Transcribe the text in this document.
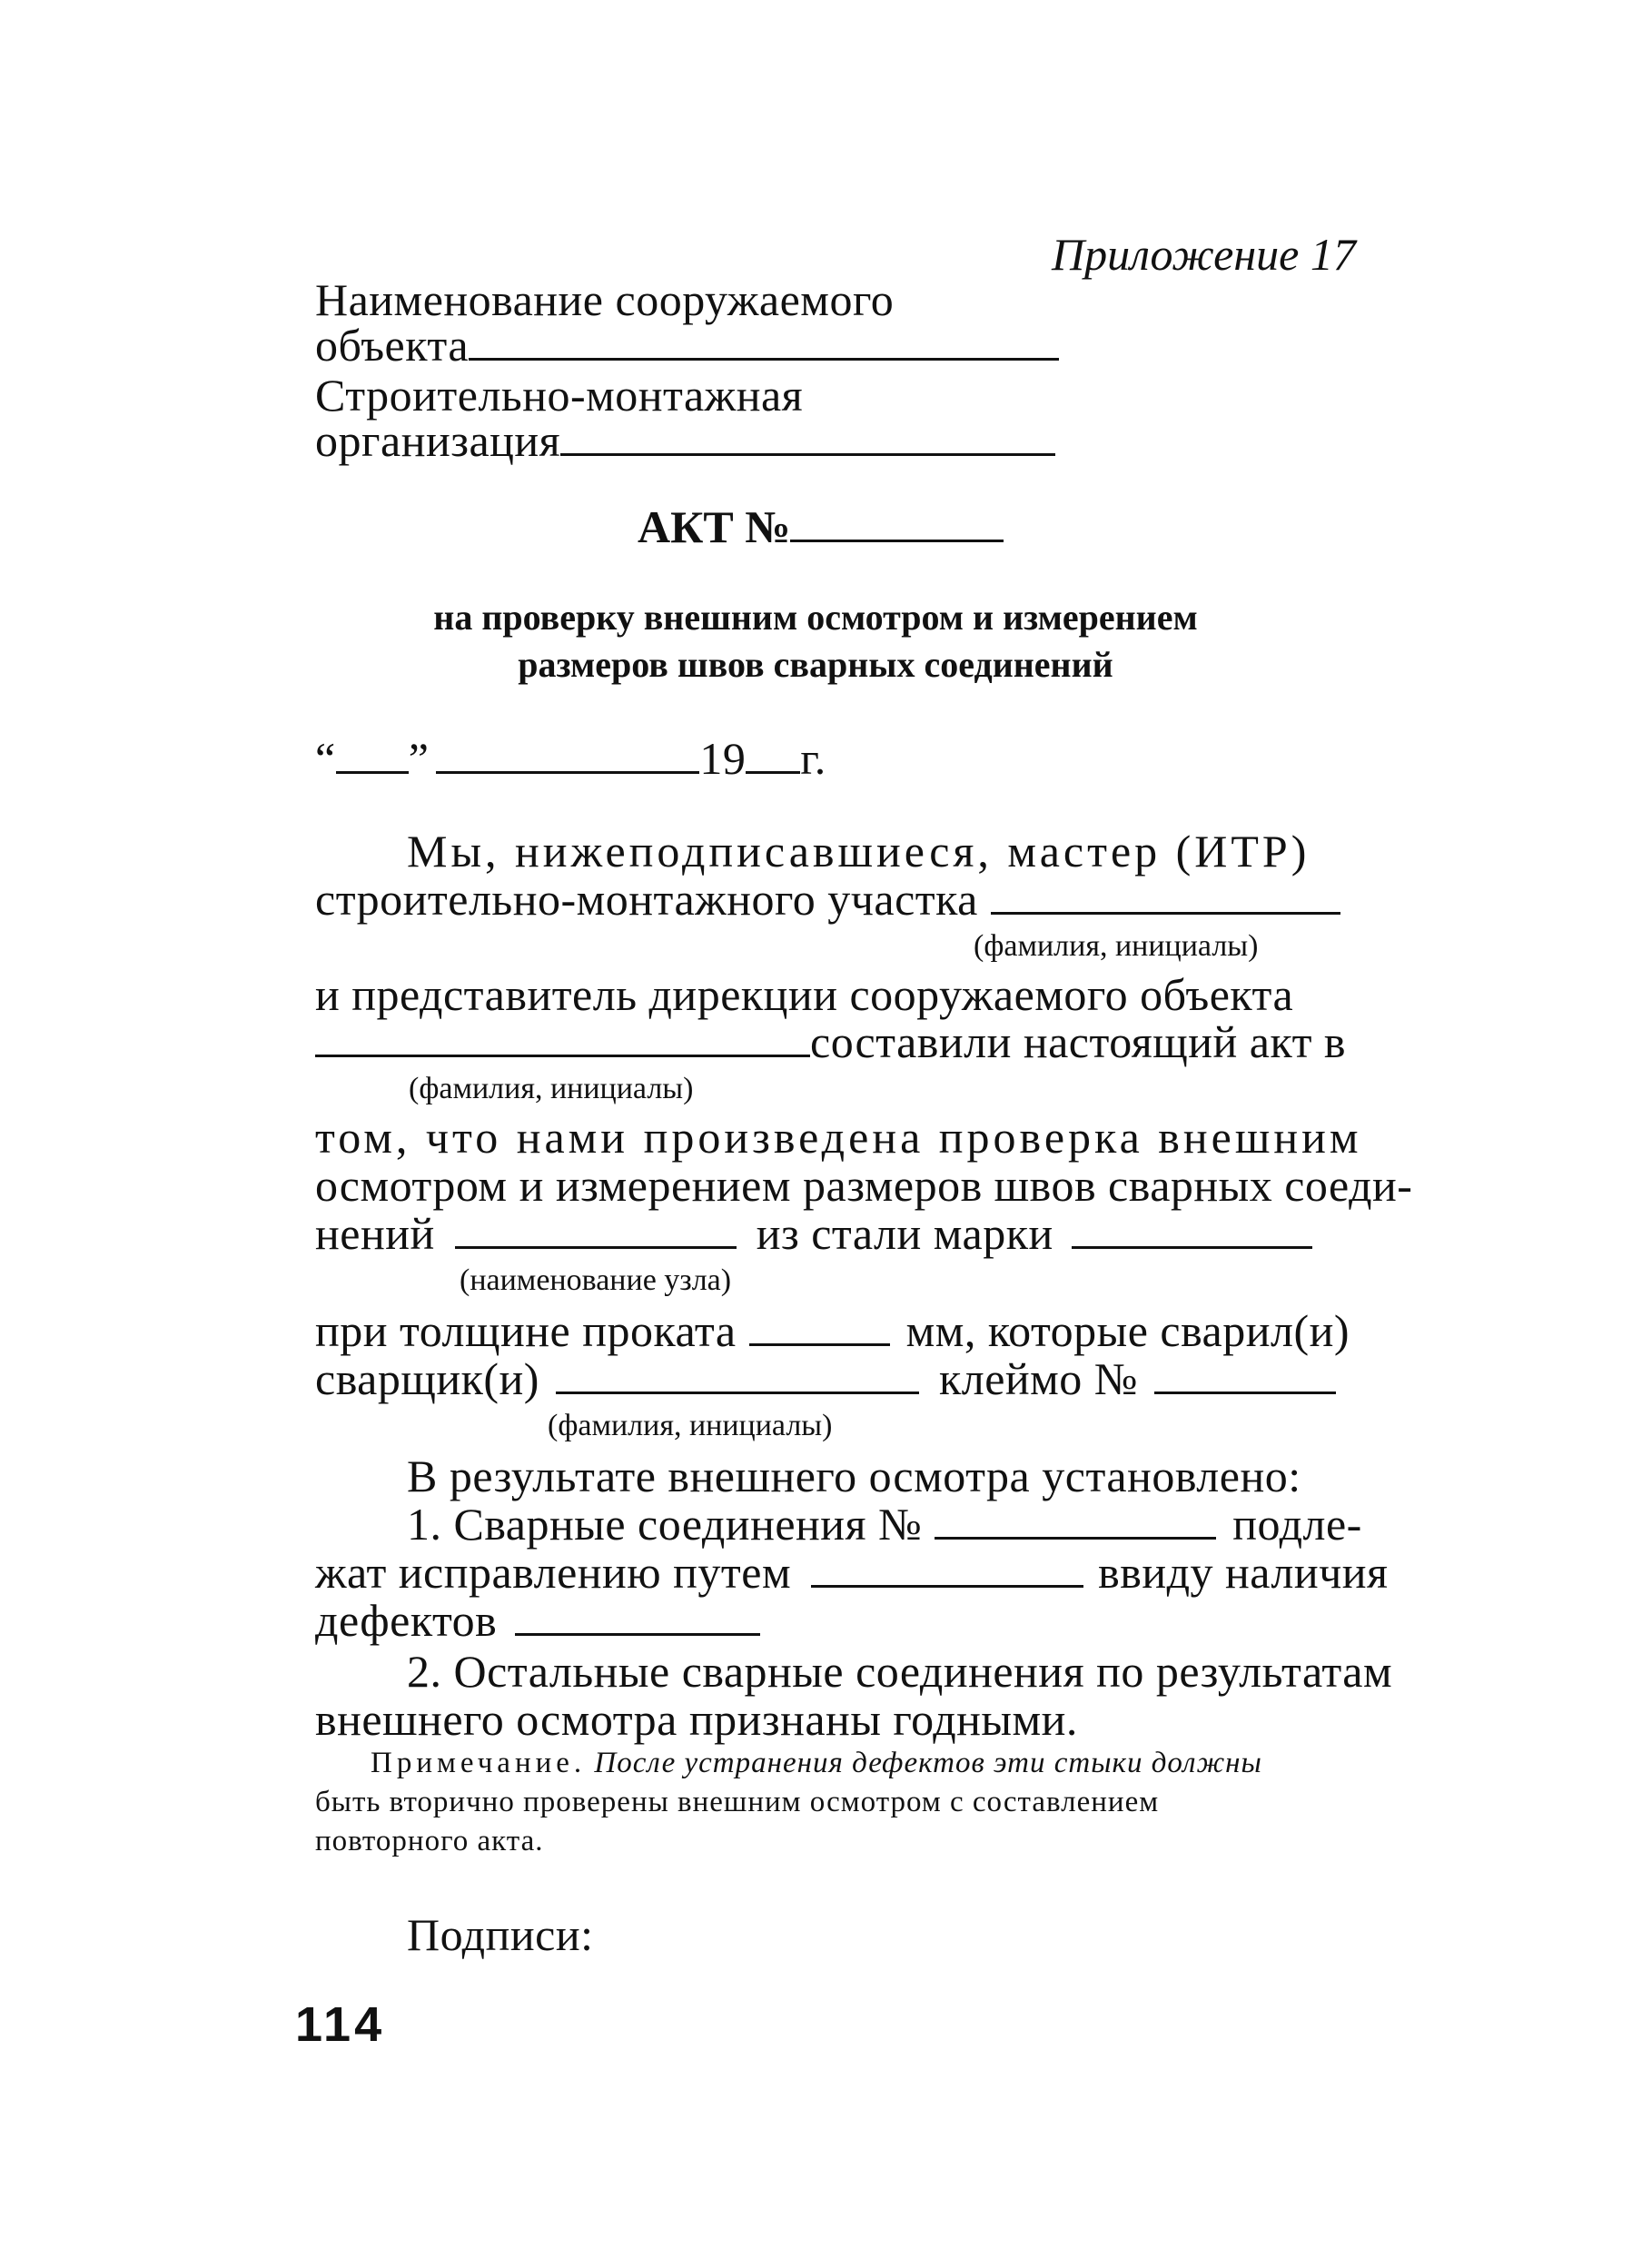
Приложение 17
Наименование сооружаемого
объекта
Строительно-монтажная
организация
АКТ №
на проверку внешним осмотром и измерением
размеров швов сварных соединений
“ ”	19 г.
Мы, нижеподписавшиеся, мастер (ИТР)
строительно-монтажного участка
(фамилия, инициалы)
и представитель дирекции сооружаемого объекта
составили настоящий акт в
(фамилия, инициалы)
том, что нами произведена проверка внешним
осмотром и измерением размеров швов сварных соеди-
нений	из стали марки
(наименование узла)
при толщине проката	мм, которые сварил(и)
сварщик(и)	клеймо №
(фамилия, инициалы)
В результате внешнего осмотра установлено:
1. Сварные соединения №	подле-
жат исправлению путем	ввиду наличия
дефектов
2. Остальные сварные соединения по результатам
внешнего осмотра признаны годными.
Примечание. После устранения дефектов эти стыки должны
быть вторично проверены внешним осмотром с составлением
повторного акта.
Подписи:
114
